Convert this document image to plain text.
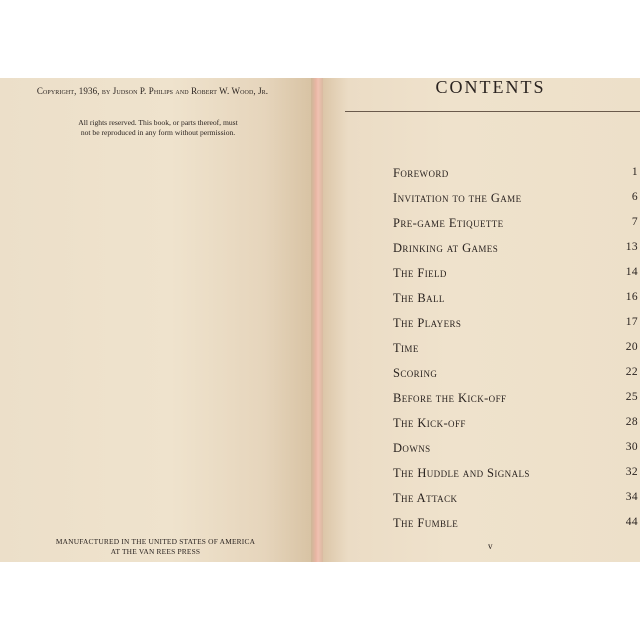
Copyright, 1936, by Judson P. Philips and Robert W. Wood, Jr.
All rights reserved. This book, or parts thereof, must
not be reproduced in any form without permission.
MANUFACTURED IN THE UNITED STATES OF AMERICA
AT THE VAN REES PRESS
CONTENTS
Foreword	1
Invitation to the Game	6
Pre-game Etiquette	7
Drinking at Games	13
The Field	14
The Ball	16
The Players	17
Time	20
Scoring	22
Before the Kick-off	25
The Kick-off	28
Downs	30
The Huddle and Signals	32
The Attack	34
The Fumble	44
v
